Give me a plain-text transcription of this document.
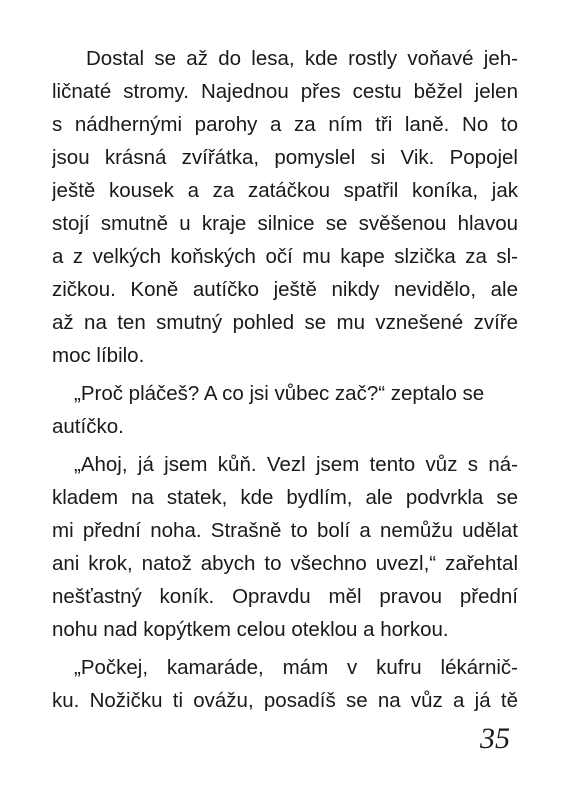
Dostal se až do lesa, kde rostly voňavé jeh-
ličnaté stromy. Najednou přes cestu běžel jelen
s nádhernými parohy a za ním tři laně. No to
jsou krásná zvířátka, pomyslel si Vik. Popojel
ještě kousek a za zatáčkou spatřil koníka, jak
stojí smutně u kraje silnice se svěšenou hlavou
a z velkých koňských očí mu kape slzička za sl-
zičkou. Koně autíčko ještě nikdy nevidělo, ale
až na ten smutný pohled se mu vznešené zvíře
moc líbilo.
„Proč pláčeš? A co jsi vůbec zač?“ zeptalo se
autíčko.
„Ahoj, já jsem kůň. Vezl jsem tento vůz s ná-
kladem na statek, kde bydlím, ale podvrkla se
mi přední noha. Strašně to bolí a nemůžu udělat
ani krok, natož abych to všechno uvezl,“ zařehtal
nešťastný koník. Opravdu měl pravou přední
nohu nad kopýtkem celou oteklou a horkou.
„Počkej, kamaráde, mám v kufru lékárnič-
ku. Nožičku ti ovážu, posadíš se na vůz a já tě
35
